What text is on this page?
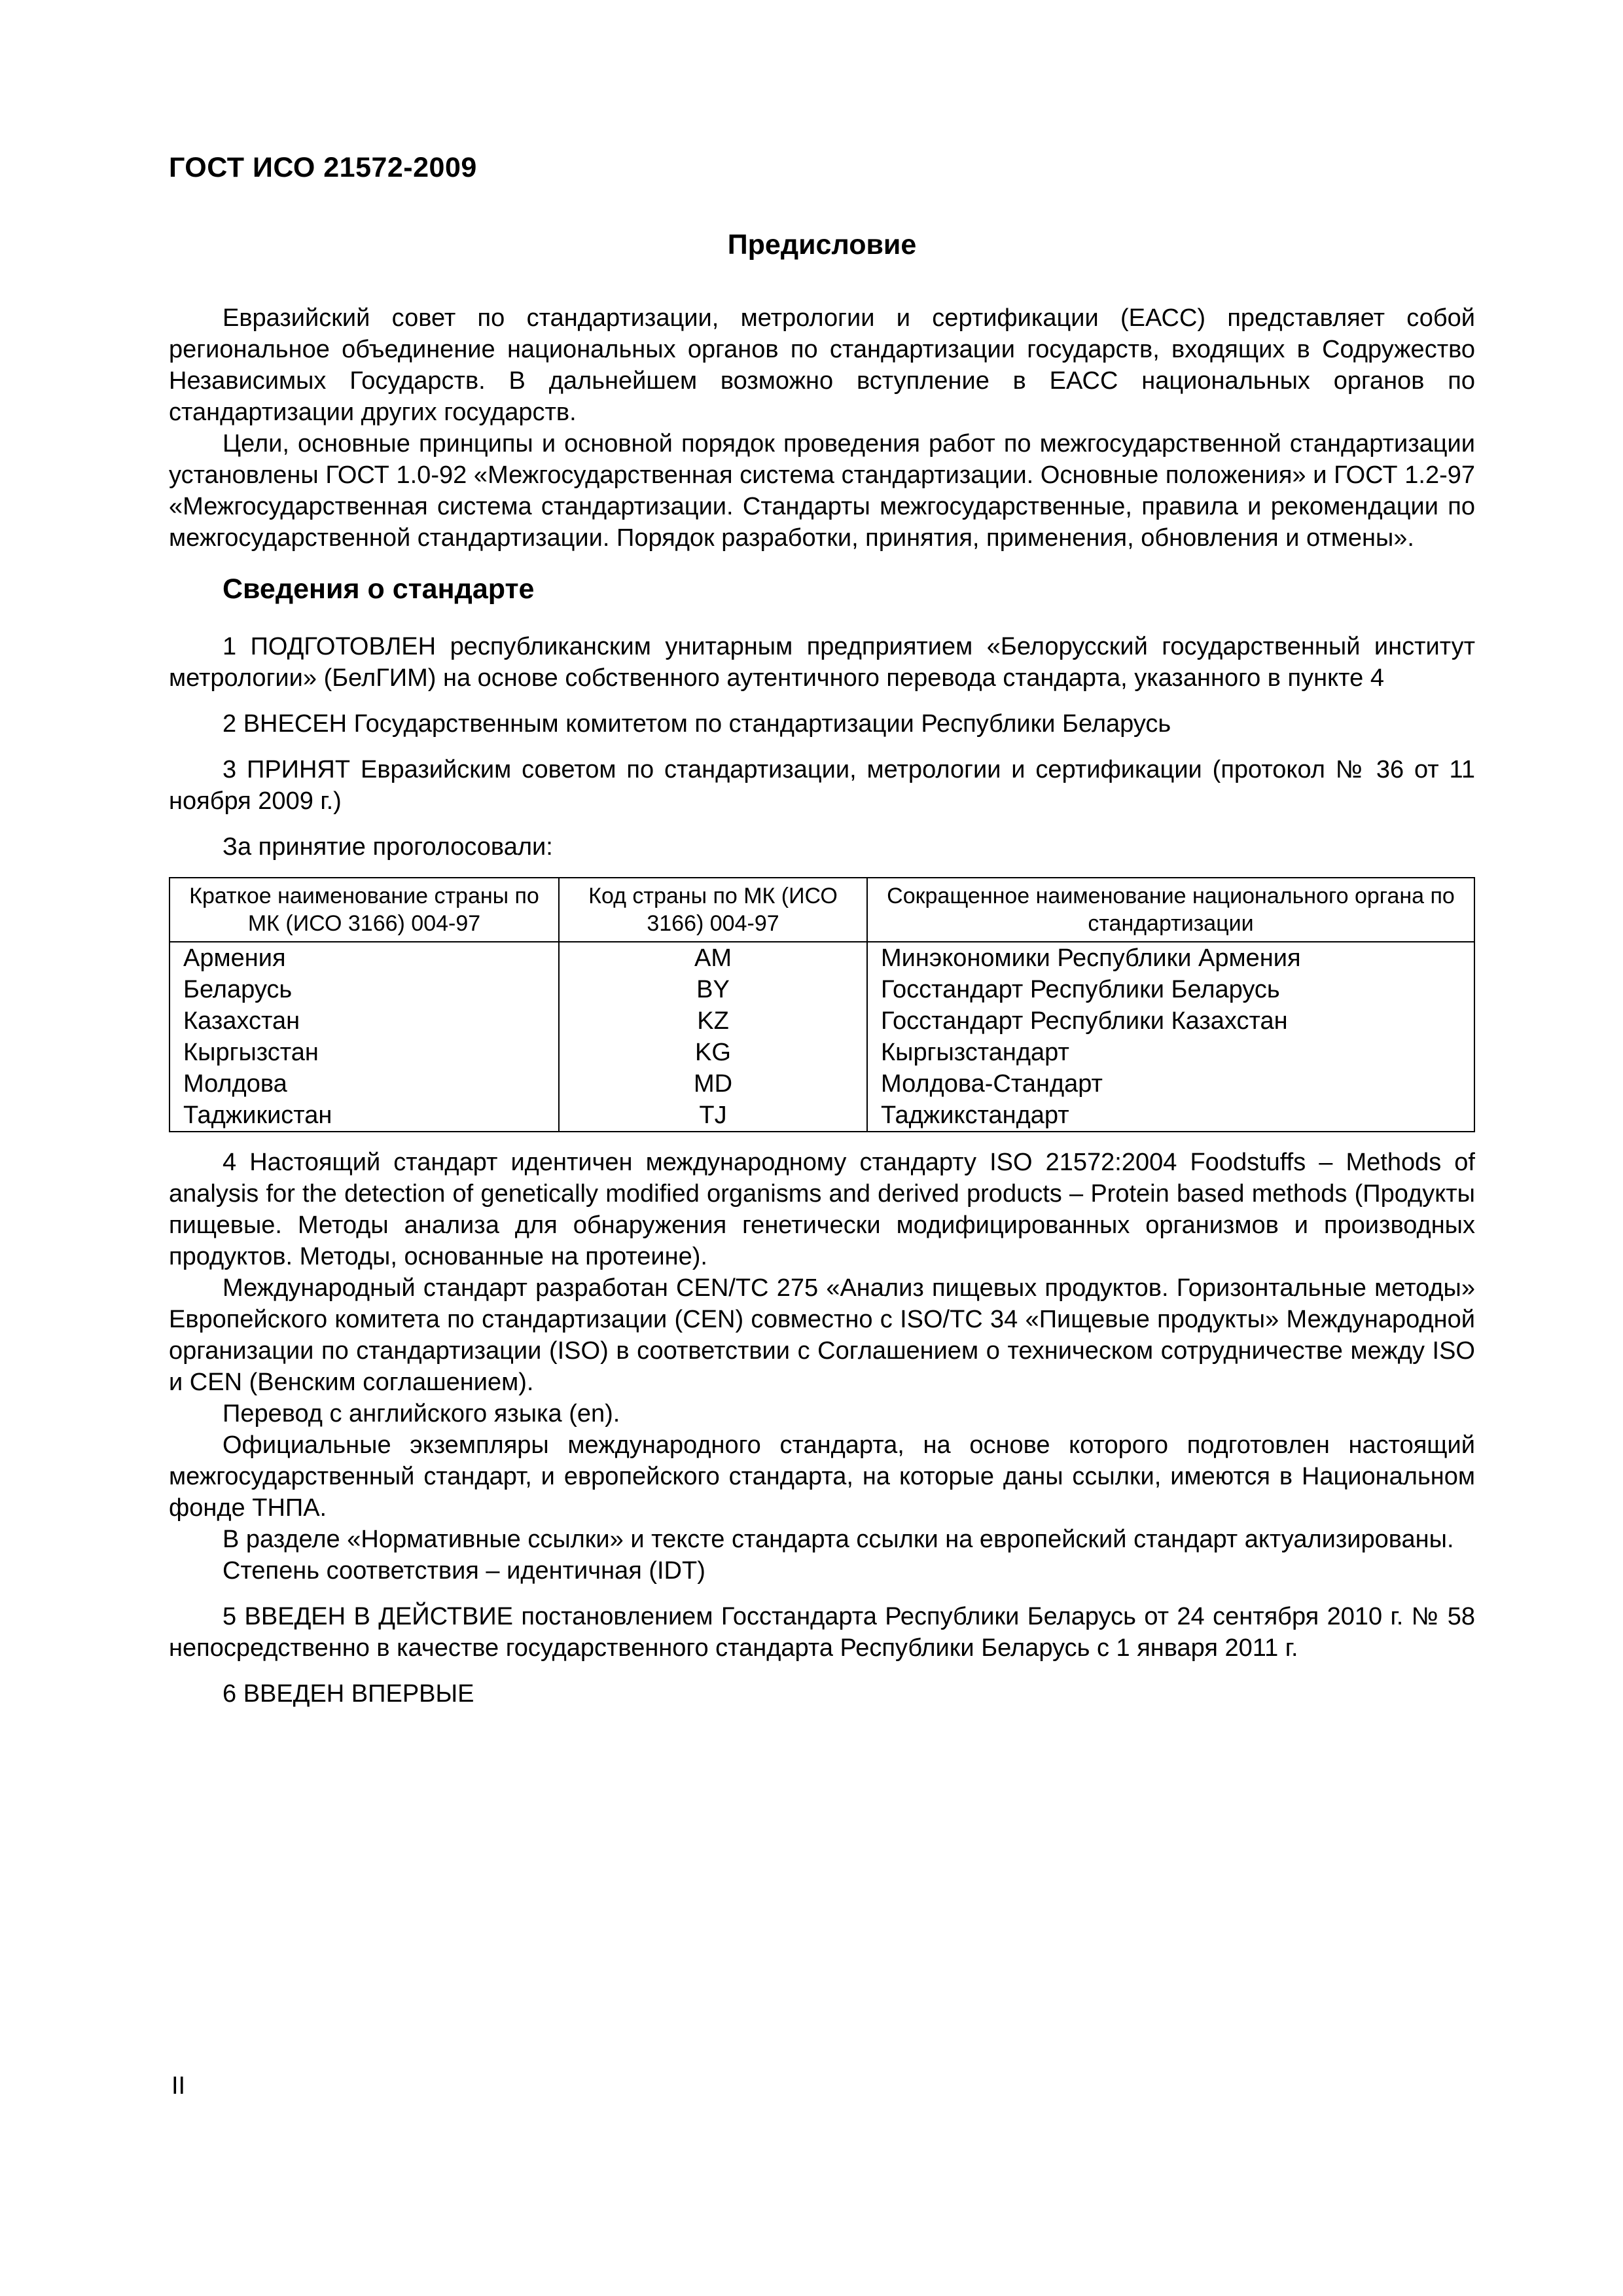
ГОСТ ИСО 21572-2009
Предисловие

Евразийский совет по стандартизации, метрологии и сертификации (ЕАСС) представляет собой региональное объединение национальных органов по стандартизации государств, входящих в Содружество Независимых Государств. В дальнейшем возможно вступление в ЕАСС национальных органов по стандартизации других государств.

Цели, основные принципы и основной порядок проведения работ по межгосударственной стандартизации установлены ГОСТ 1.0-92 «Межгосударственная система стандартизации. Основные положения» и ГОСТ 1.2-97 «Межгосударственная система стандартизации. Стандарты межгосударственные, правила и рекомендации по межгосударственной стандартизации. Порядок разработки, принятия, применения, обновления и отмены».

Сведения о стандарте

1 ПОДГОТОВЛЕН республиканским унитарным предприятием «Белорусский государственный институт метрологии» (БелГИМ) на основе собственного аутентичного перевода стандарта, указанного в пункте 4

2 ВНЕСЕН Государственным комитетом по стандартизации Республики Беларусь

3 ПРИНЯТ Евразийским советом по стандартизации, метрологии и сертификации (протокол № 36 от 11 ноября 2009 г.)

За принятие проголосовали:

Краткое наименование страны по МК (ИСО 3166) 004-97	Код страны по МК (ИСО 3166) 004-97	Сокращенное наименование национального органа по стандартизации
Армения	AM	Минэкономики Республики Армения
Беларусь	BY	Госстандарт Республики Беларусь
Казахстан	KZ	Госстандарт Республики Казахстан
Кыргызстан	KG	Кыргызстандарт
Молдова	MD	Молдова-Стандарт
Таджикистан	TJ	Таджикстандарт

4 Настоящий стандарт идентичен международному стандарту ISO 21572:2004 Foodstuffs – Methods of analysis for the detection of genetically modified organisms and derived products – Protein based methods (Продукты пищевые. Методы анализа для обнаружения генетически модифицированных организмов и производных продуктов. Методы, основанные на протеине).

Международный стандарт разработан CEN/TC 275 «Анализ пищевых продуктов. Горизонтальные методы» Европейского комитета по стандартизации (CEN) совместно с ISO/TC 34 «Пищевые продукты» Международной организации по стандартизации (ISO) в соответствии с Соглашением о техническом сотрудничестве между ISO и CEN (Венским соглашением).

Перевод с английского языка (en).

Официальные экземпляры международного стандарта, на основе которого подготовлен настоящий межгосударственный стандарт, и европейского стандарта, на которые даны ссылки, имеются в Национальном фонде ТНПА.

В разделе «Нормативные ссылки» и тексте стандарта ссылки на европейский стандарт актуализированы.

Степень соответствия – идентичная (IDT)

5 ВВЕДЕН В ДЕЙСТВИЕ постановлением Госстандарта Республики Беларусь от 24 сентября 2010 г. № 58 непосредственно в качестве государственного стандарта Республики Беларусь с 1 января 2011 г.

6 ВВЕДЕН ВПЕРВЫЕ

II
